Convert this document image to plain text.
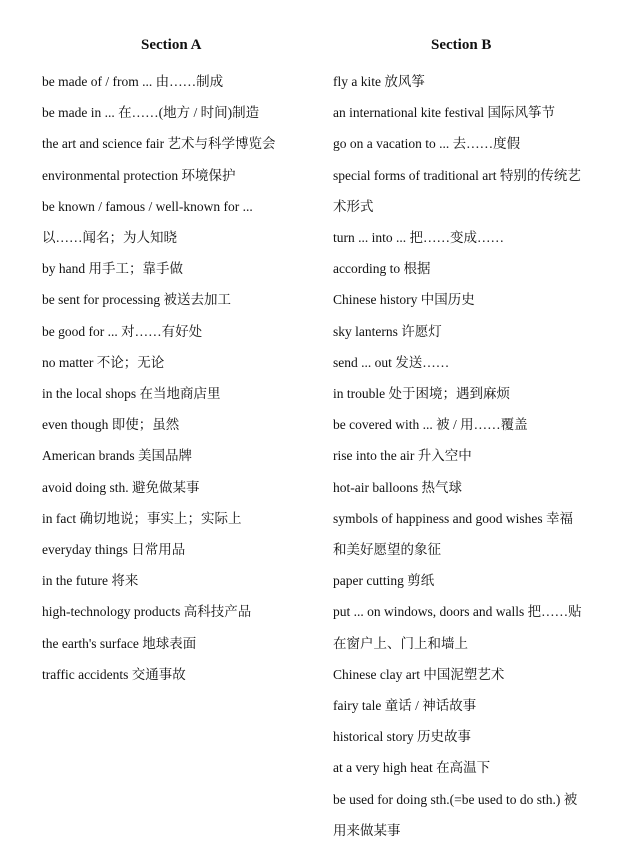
Section A	Section B
be made of / from ... 由……制成
be made in ... 在……(地方 / 时间)制造
the art and science fair 艺术与科学博览会
environmental protection 环境保护
be known / famous / well-known for ...
以……闻名；为人知晓
by hand 用手工；靠手做
be sent for processing 被送去加工
be good for ... 对……有好处
no matter 不论；无论
in the local shops 在当地商店里
even though 即使；虽然
American brands 美国品牌
avoid doing sth. 避免做某事
in fact 确切地说；事实上；实际上
everyday things 日常用品
in the future 将来
high-technology products 高科技产品
the earth's surface 地球表面
traffic accidents 交通事故
fly a kite 放风筝
an international kite festival 国际风筝节
go on a vacation to ... 去……度假
special forms of traditional art 特别的传统艺
术形式
turn ... into ... 把……变成……
according to 根据
Chinese history 中国历史
sky lanterns 许愿灯
send ... out 发送……
in trouble 处于困境；遇到麻烦
be covered with ... 被 / 用……覆盖
rise into the air 升入空中
hot-air balloons 热气球
symbols of happiness and good wishes 幸福
和美好愿望的象征
paper cutting 剪纸
put ... on windows, doors and walls 把……贴
在窗户上、门上和墙上
Chinese clay art 中国泥塑艺术
fairy tale 童话 / 神话故事
historical story 历史故事
at a very high heat 在高温下
be used for doing sth.(=be used to do sth.) 被
用来做某事
